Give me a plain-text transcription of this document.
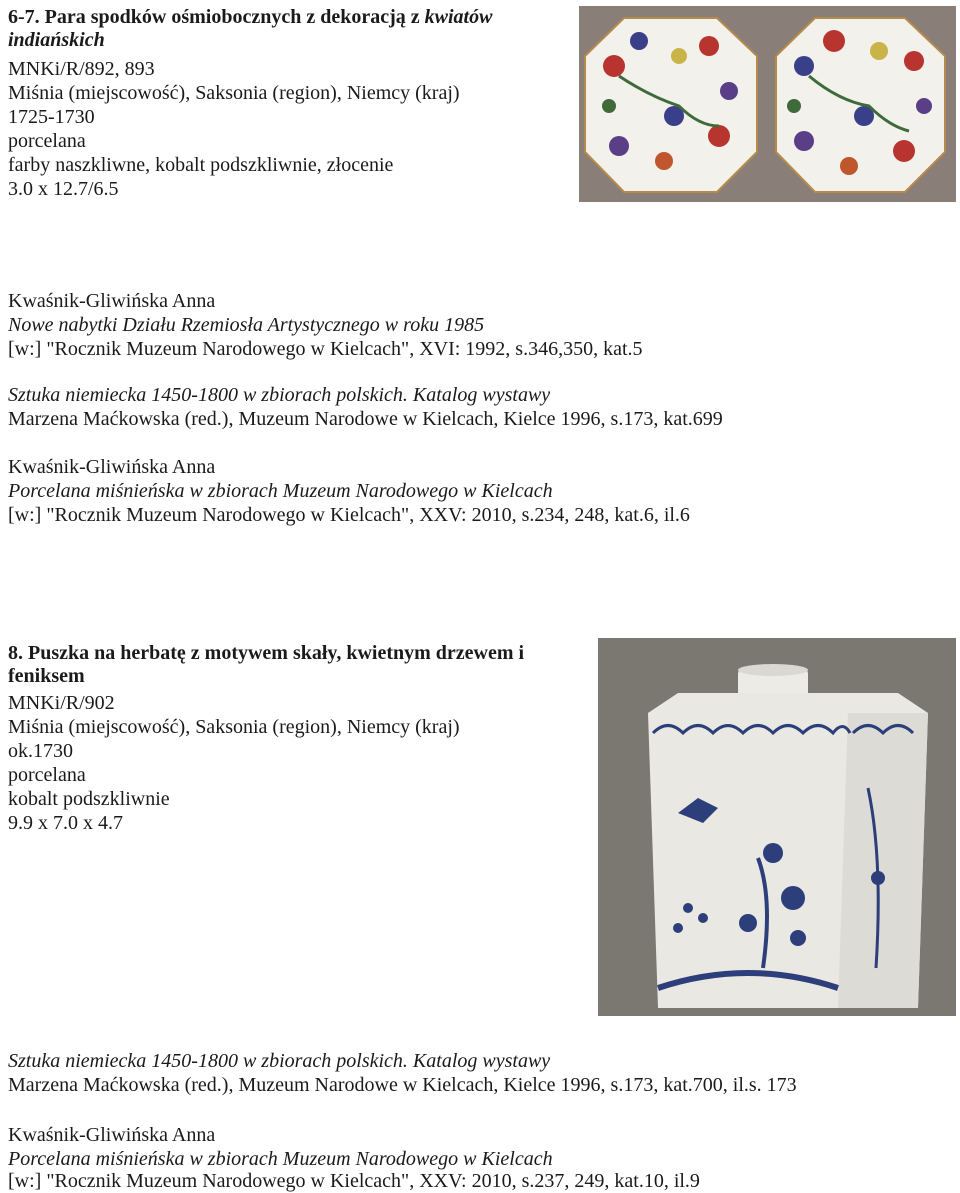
6-7. Para spodków ośmiobocznych z dekoracją z kwiatów
indiańskich
MNKi/R/892, 893
Miśnia (miejscowość), Saksonia (region), Niemcy (kraj)
1725-1730
porcelana
farby naszkliwne, kobalt podszkliwnie, złocenie
3.0 x 12.7/6.5
Kwaśnik-Gliwińska Anna
Nowe nabytki Działu Rzemiosła Artystycznego w roku 1985
[w:] "Rocznik Muzeum Narodowego w Kielcach", XVI: 1992, s.346,350, kat.5
Sztuka niemiecka 1450-1800 w zbiorach polskich. Katalog wystawy
Marzena Maćkowska (red.), Muzeum Narodowe w Kielcach, Kielce 1996, s.173, kat.699
Kwaśnik-Gliwińska Anna
Porcelana miśnieńska w zbiorach Muzeum Narodowego w Kielcach
[w:] "Rocznik Muzeum Narodowego w Kielcach", XXV: 2010, s.234, 248, kat.6, il.6
8. Puszka na herbatę z motywem skały, kwietnym drzewem i
feniksem
MNKi/R/902
Miśnia (miejscowość), Saksonia (region), Niemcy (kraj)
ok.1730
porcelana
kobalt podszkliwnie
9.9 x 7.0 x 4.7
Sztuka niemiecka 1450-1800 w zbiorach polskich. Katalog wystawy
Marzena Maćkowska (red.), Muzeum Narodowe w Kielcach, Kielce 1996, s.173, kat.700, il.s. 173
Kwaśnik-Gliwińska Anna
Porcelana miśnieńska w zbiorach Muzeum Narodowego w Kielcach
[w:] "Rocznik Muzeum Narodowego w Kielcach", XXV: 2010, s.237, 249, kat.10, il.9
